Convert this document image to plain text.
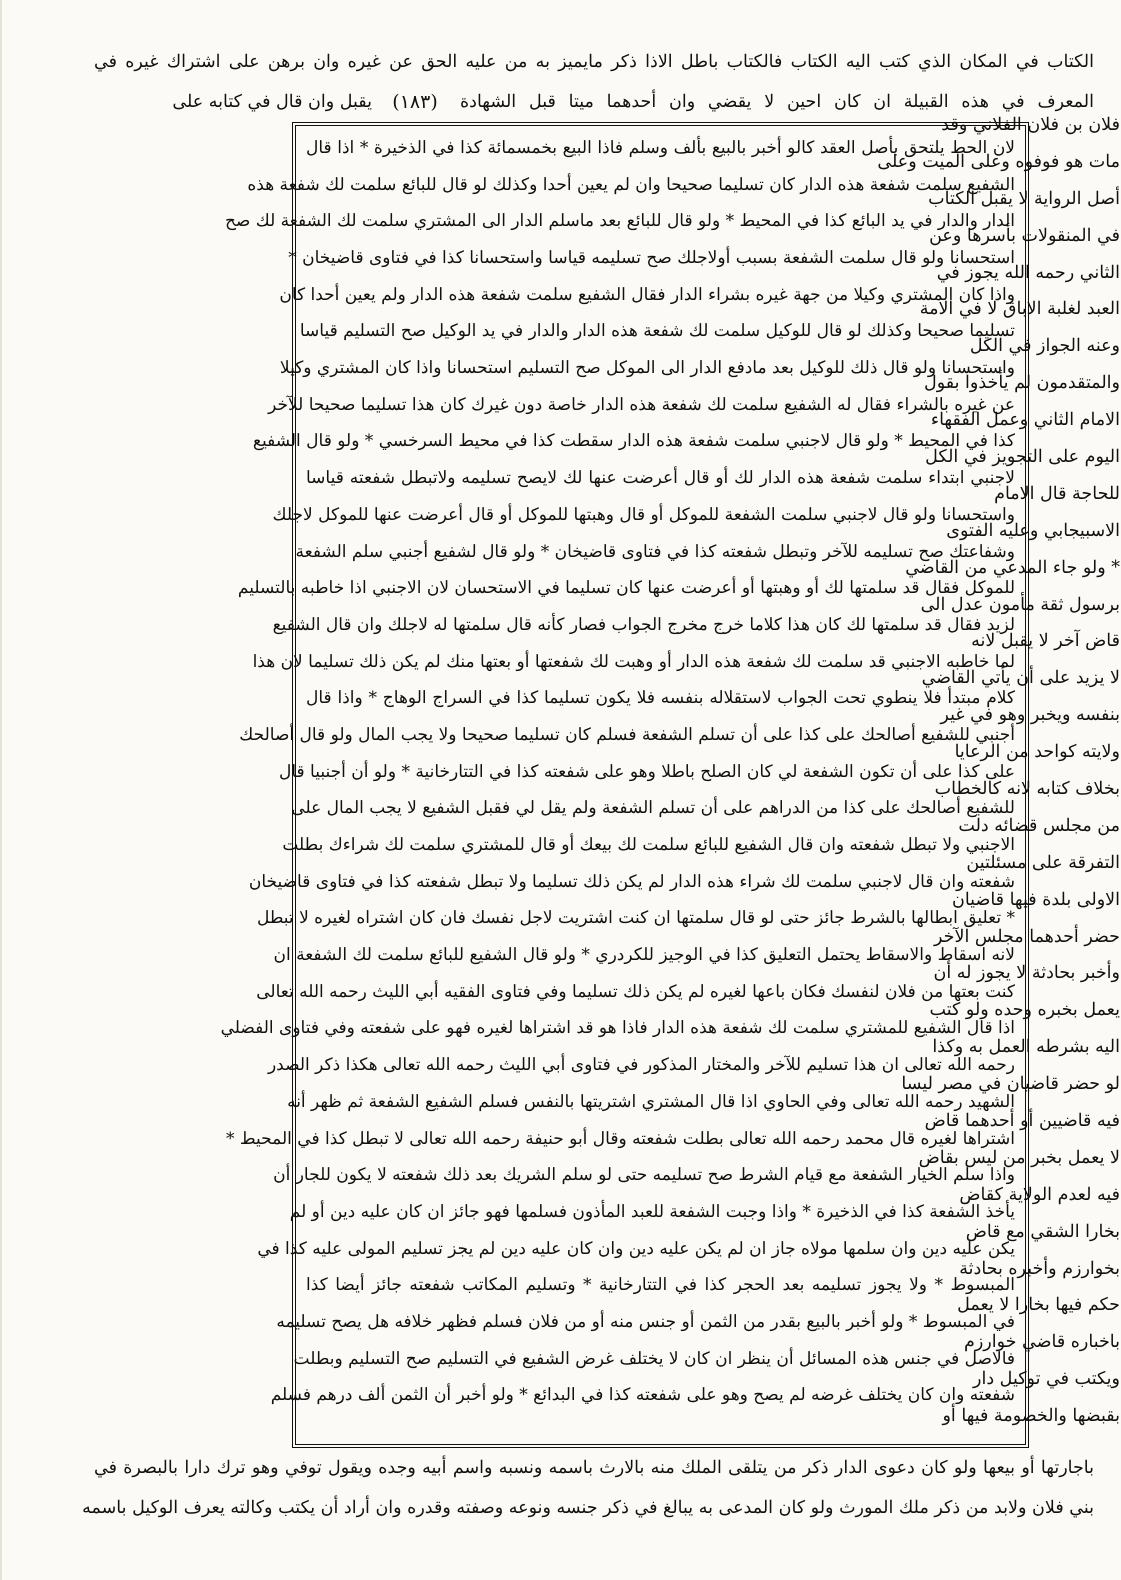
الكتاب في المكان الذي كتب اليه الكتاب فالكتاب باطل الاذا ذكر مايميز به من عليه الحق عن غيره وان برهن على اشتراك غيره في
المعرف في هذه القبيلة ان كان احين لا يقضي وان أحدهما ميتا قبل الشهادة
(١٨٣)
يقبل وان قال في كتابه على
لان الحط يلتحق بأصل العقد كالو أخبر بالبيع بألف وسلم فاذا البيع بخمسمائة كذا في الذخيرة * اذا قال
الشفيع سلمت شفعة هذه الدار كان تسليما صحيحا وان لم يعين أحدا وكذلك لو قال للبائع سلمت لك شفعة هذه
الدار والدار في يد البائع كذا في المحيط * ولو قال للبائع بعد ماسلم الدار الى المشتري سلمت لك الشفعة لك صح
استحسانا ولو قال سلمت الشفعة بسبب أولاجلك صح تسليمه قياسا واستحسانا كذا في فتاوى قاضيخان *
واذا كان المشتري وكيلا من جهة غيره بشراء الدار فقال الشفيع سلمت شفعة هذه الدار ولم يعين أحدا كان
تسليما صحيحا وكذلك لو قال للوكيل سلمت لك شفعة هذه الدار والدار في يد الوكيل صح التسليم قياسا
واستحسانا ولو قال ذلك للوكيل بعد مادفع الدار الى الموكل صح التسليم استحسانا واذا كان المشتري وكيلا
عن غيره بالشراء فقال له الشفيع سلمت لك شفعة هذه الدار خاصة دون غيرك كان هذا تسليما صحيحا للآخر
كذا في المحيط * ولو قال لاجنبي سلمت شفعة هذه الدار سقطت كذا في محيط السرخسي * ولو قال الشفيع
لاجنبي ابتداء سلمت شفعة هذه الدار لك أو قال أعرضت عنها لك لايصح تسليمه ولاتبطل شفعته قياسا
واستحسانا ولو قال لاجنبي سلمت الشفعة للموكل أو قال وهبتها للموكل أو قال أعرضت عنها للموكل لاجلك
وشفاعتك صح تسليمه للآخر وتبطل شفعته كذا في فتاوى قاضيخان * ولو قال لشفيع أجنبي سلم الشفعة
للموكل فقال قد سلمتها لك أو وهبتها أو أعرضت عنها كان تسليما في الاستحسان لان الاجنبي اذا خاطبه بالتسليم
لزيد فقال قد سلمتها لك كان هذا كلاما خرج مخرج الجواب فصار كأنه قال سلمتها له لاجلك وان قال الشفيع
لما خاطبه الاجنبي قد سلمت لك شفعة هذه الدار أو وهبت لك شفعتها أو بعتها منك لم يكن ذلك تسليما لان هذا
كلام مبتدأ فلا ينطوي تحت الجواب لاستقلاله بنفسه فلا يكون تسليما كذا في السراج الوهاج * واذا قال
أجنبي للشفيع أصالحك على كذا على أن تسلم الشفعة فسلم كان تسليما صحيحا ولا يجب المال ولو قال أصالحك
على كذا على أن تكون الشفعة لي كان الصلح باطلا وهو على شفعته كذا في التتارخانية * ولو أن أجنبيا قال
للشفيع أصالحك على كذا من الدراهم على أن تسلم الشفعة ولم يقل لي فقبل الشفيع لا يجب المال على
الاجنبي ولا تبطل شفعته وان قال الشفيع للبائع سلمت لك بيعك أو قال للمشتري سلمت لك شراءك بطلت
شفعته وان قال لاجنبي سلمت لك شراء هذه الدار لم يكن ذلك تسليما ولا تبطل شفعته كذا في فتاوى قاضيخان
* تعليق ابطالها بالشرط جائز حتى لو قال سلمتها ان كنت اشتريت لاجل نفسك فان كان اشتراه لغيره لا تبطل
لانه اسقاط والاسقاط يحتمل التعليق كذا في الوجيز للكردري * ولو قال الشفيع للبائع سلمت لك الشفعة ان
كنت بعتها من فلان لنفسك فكان باعها لغيره لم يكن ذلك تسليما وفي فتاوى الفقيه أبي الليث رحمه الله تعالى
اذا قال الشفيع للمشتري سلمت لك شفعة هذه الدار فاذا هو قد اشتراها لغيره فهو على شفعته وفي فتاوى الفضلي
رحمه الله تعالى ان هذا تسليم للآخر والمختار المذكور في فتاوى أبي الليث رحمه الله تعالى هكذا ذكر الصدر
الشهيد رحمه الله تعالى وفي الحاوي اذا قال المشتري اشتريتها بالنفس فسلم الشفيع الشفعة ثم ظهر أنه
اشتراها لغيره قال محمد رحمه الله تعالى بطلت شفعته وقال أبو حنيفة رحمه الله تعالى لا تبطل كذا في المحيط *
واذا سلم الخيار الشفعة مع قيام الشرط صح تسليمه حتى لو سلم الشريك بعد ذلك شفعته لا يكون للجار أن
يأخذ الشفعة كذا في الذخيرة * واذا وجبت الشفعة للعبد المأذون فسلمها فهو جائز ان كان عليه دين أو لم
يكن عليه دين وان سلمها مولاه جاز ان لم يكن عليه دين وان كان عليه دين لم يجز تسليم المولى عليه كذا في
المبسوط * ولا يجوز تسليمه بعد الحجر كذا في التتارخانية * وتسليم المكاتب شفعته جائز أيضا كذا
في المبسوط * ولو أخبر بالبيع بقدر من الثمن أو جنس منه أو من فلان فسلم فظهر خلافه هل يصح تسليمه
فالاصل في جنس هذه المسائل أن ينظر ان كان لا يختلف غرض الشفيع في التسليم صح التسليم وبطلت
شفعته وان كان يختلف غرضه لم يصح وهو على شفعته كذا في البدائع * ولو أخبر أن الثمن ألف درهم فسلم
فلان بن فلان الفلاني وقد
مات هو فوفوه وعلى الميت وعلى
أصل الرواية لا يقبل الكتاب
في المنقولات بأسرها وعن
الثاني رحمه الله يجوز في
العبد لغلبة الاباق لا في الامة
وعنه الجواز في الكل
والمتقدمون لم يأخذوا بقول
الامام الثاني وعمل الفقهاء
اليوم على التجويز في الكل
للحاجة قال الامام
الاسبيجابي وعليه الفتوى
* ولو جاء المدعي من القاضي
برسول ثقة مأمون عدل الى
قاض آخر لا يقبل لانه
لا يزيد على أن يأتي القاضي
بنفسه ويخبر وهو في غير
ولايته كواحد من الرعايا
بخلاف كتابه لانه كالخطاب
من مجلس قضائه دلت
التفرقة على مسئلتين
الاولى بلدة فيها قاضيان
حضر أحدهما مجلس الآخر
وأخبر بحادثة لا يجوز له أن
يعمل بخبره وحده ولو كتب
اليه بشرطه العمل به وكذا
لو حضر قاضيان في مصر ليسا
فيه قاضيين أو أحدهما قاض
لا يعمل بخبر من ليس بقاض
فيه لعدم الولاية كقاض
بخارا الشقي مع قاض
بخوارزم وأخبره بحادثة
حكم فيها بخارا لا يعمل
باخباره قاضي خوارزم
ويكتب في توكيل دار
بقبضها والخصومة فيها أو
باجارتها أو بيعها ولو كان دعوى الدار ذكر من يتلقى الملك منه بالارث باسمه ونسبه واسم أبيه وجده ويقول توفي وهو ترك دارا بالبصرة في
بني فلان ولابد من ذكر ملك المورث ولو كان المدعى به يبالغ في ذكر جنسه ونوعه وصفته وقدره وان أراد أن يكتب وكالته يعرف الوكيل باسمه
